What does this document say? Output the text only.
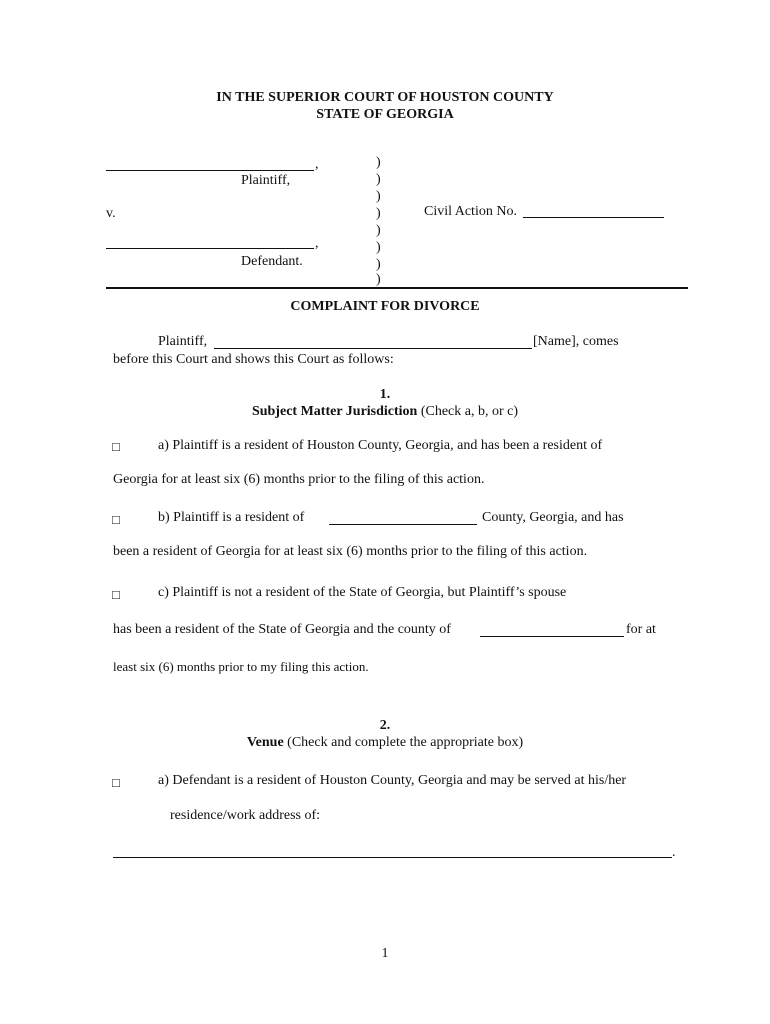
IN THE SUPERIOR COURT OF HOUSTON COUNTY
STATE OF GEORGIA
,
Plaintiff,
v.
,
Defendant.
)
)
)
)
)
)
)
)
Civil Action No.
COMPLAINT FOR DIVORCE
Plaintiff,	[Name], comes
before this Court and shows this Court as follows:
1.
Subject Matter Jurisdiction (Check a, b, or c)
□	a) Plaintiff is a resident of Houston County, Georgia, and has been a resident of
Georgia for at least six (6) months prior to the filing of this action.
□	b) Plaintiff is a resident of	County, Georgia, and has
been a resident of Georgia for at least six (6) months prior to the filing of this action.
□	c) Plaintiff is not a resident of the State of Georgia, but Plaintiff’s spouse
has been a resident of the State of Georgia and the county of	for at
least six (6) months prior to my filing this action.
2.
Venue (Check and complete the appropriate box)
□	a) Defendant is a resident of Houston County, Georgia and may be served at his/her
residence/work address of:
.
1
